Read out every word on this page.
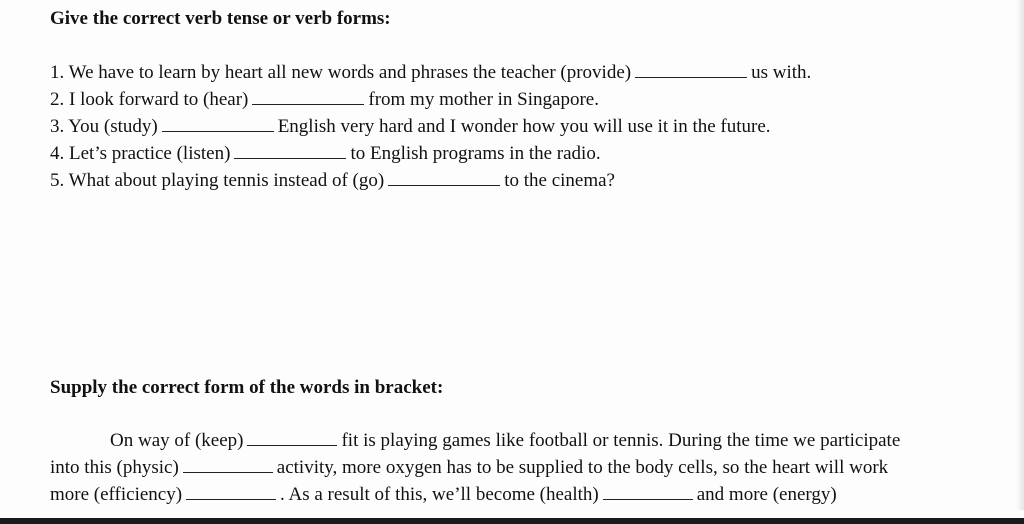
Give the correct verb tense or verb forms:
1. We have to learn by heart all new words and phrases the teacher (provide)	us with.
2. I look forward to (hear)	from my mother in Singapore.
3. You (study)	English very hard and I wonder how you will use it in the future.
4. Let’s practice (listen)	to English programs in the radio.
5. What about playing tennis instead of (go)	to the cinema?
Supply the correct form of the words in bracket:
On way of (keep)	fit is playing games like football or tennis. During the time we participate
into this (physic)	activity, more oxygen has to be supplied to the body cells, so the heart will work
more (efficiency)	. As a result of this, we’ll become (health)	and more (energy)
